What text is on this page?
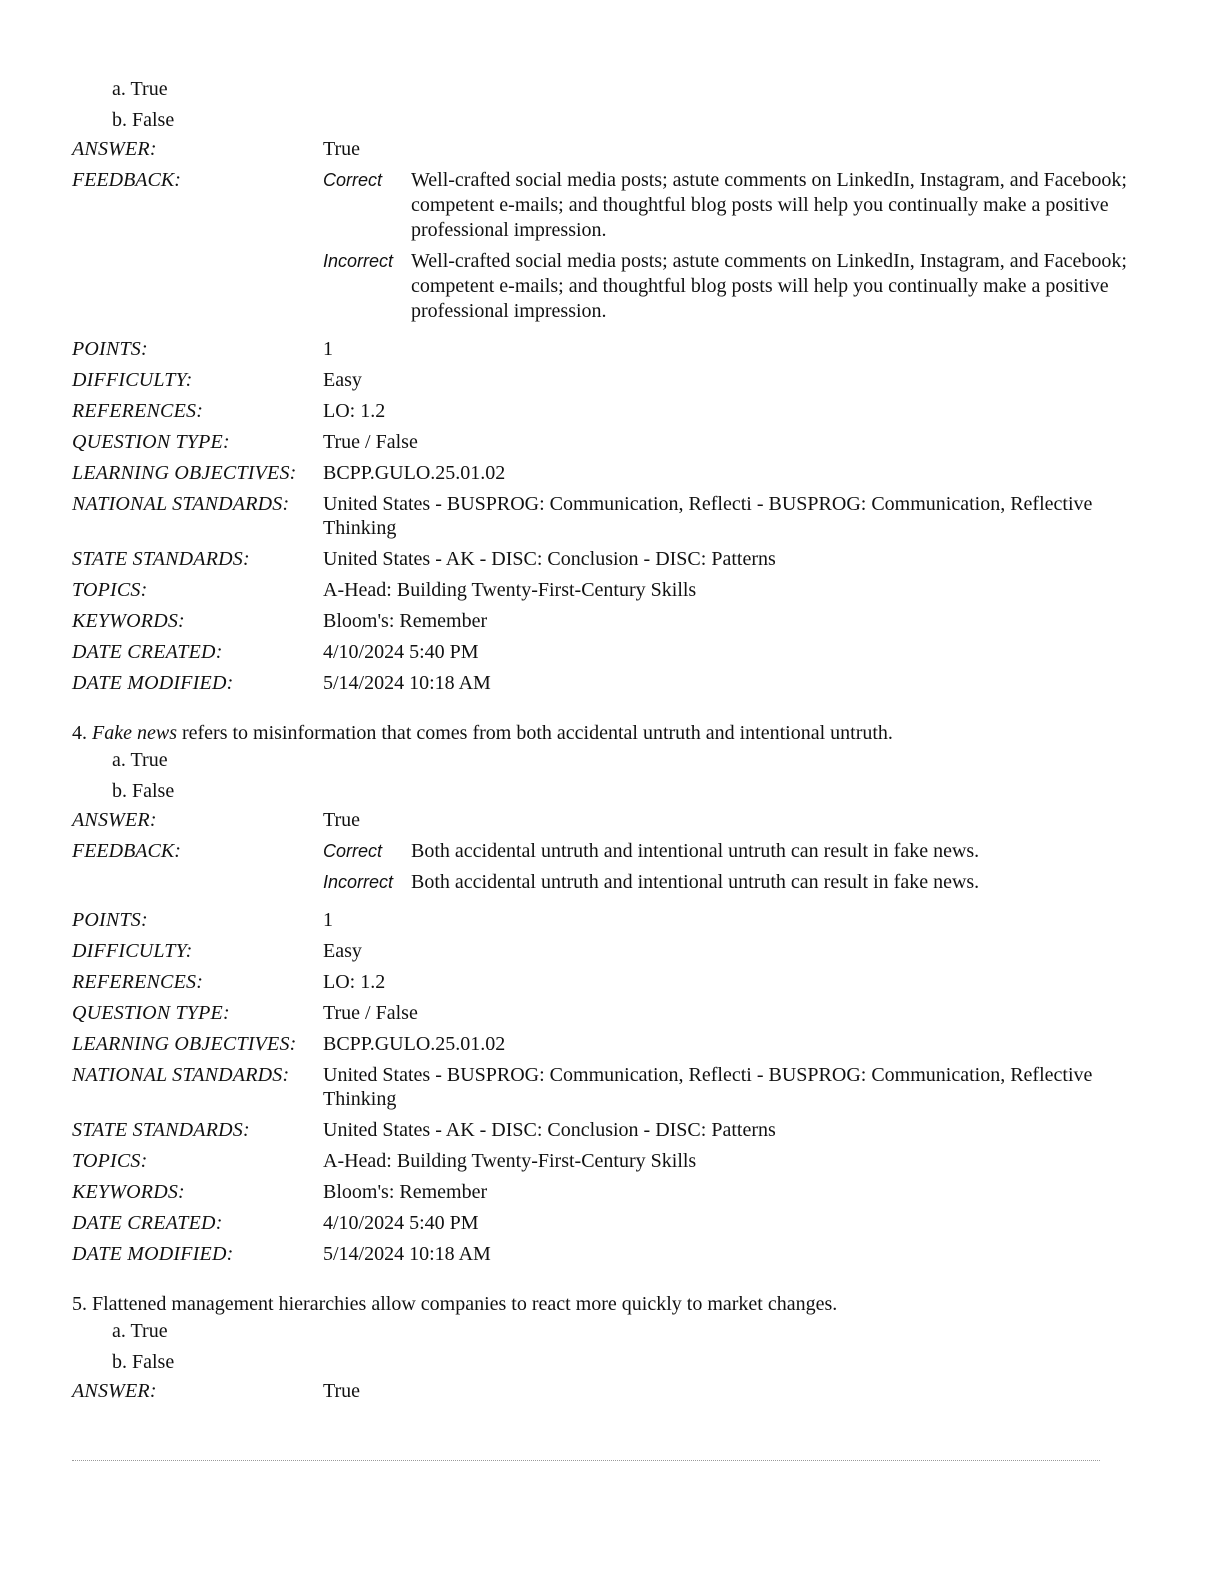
a. True
b. False
ANSWER:	True
FEEDBACK:	Correct	Well-crafted social media posts; astute comments on LinkedIn, Instagram, and Facebook; competent e-mails; and thoughtful blog posts will help you continually make a positive professional impression.
Incorrect Well-crafted social media posts; astute comments on LinkedIn, Instagram, and Facebook; competent e-mails; and thoughtful blog posts will help you continually make a positive professional impression.
POINTS:	1
DIFFICULTY:	Easy
REFERENCES:	LO: 1.2
QUESTION TYPE:	True / False
LEARNING OBJECTIVES:	BCPP.GULO.25.01.02
NATIONAL STANDARDS:	United States - BUSPROG: Communication, Reflecti - BUSPROG: Communication, Reflective Thinking
STATE STANDARDS:	United States - AK - DISC: Conclusion - DISC: Patterns
TOPICS:	A-Head: Building Twenty-First-Century Skills
KEYWORDS:	Bloom's: Remember
DATE CREATED:	4/10/2024 5:40 PM
DATE MODIFIED:	5/14/2024 10:18 AM
4. Fake news refers to misinformation that comes from both accidental untruth and intentional untruth.
a. True
b. False
ANSWER:	True
FEEDBACK:	Correct	Both accidental untruth and intentional untruth can result in fake news.
Incorrect Both accidental untruth and intentional untruth can result in fake news.
POINTS:	1
DIFFICULTY:	Easy
REFERENCES:	LO: 1.2
QUESTION TYPE:	True / False
LEARNING OBJECTIVES:	BCPP.GULO.25.01.02
NATIONAL STANDARDS:	United States - BUSPROG: Communication, Reflecti - BUSPROG: Communication, Reflective Thinking
STATE STANDARDS:	United States - AK - DISC: Conclusion - DISC: Patterns
TOPICS:	A-Head: Building Twenty-First-Century Skills
KEYWORDS:	Bloom's: Remember
DATE CREATED:	4/10/2024 5:40 PM
DATE MODIFIED:	5/14/2024 10:18 AM
5. Flattened management hierarchies allow companies to react more quickly to market changes.
a. True
b. False
ANSWER:	True
